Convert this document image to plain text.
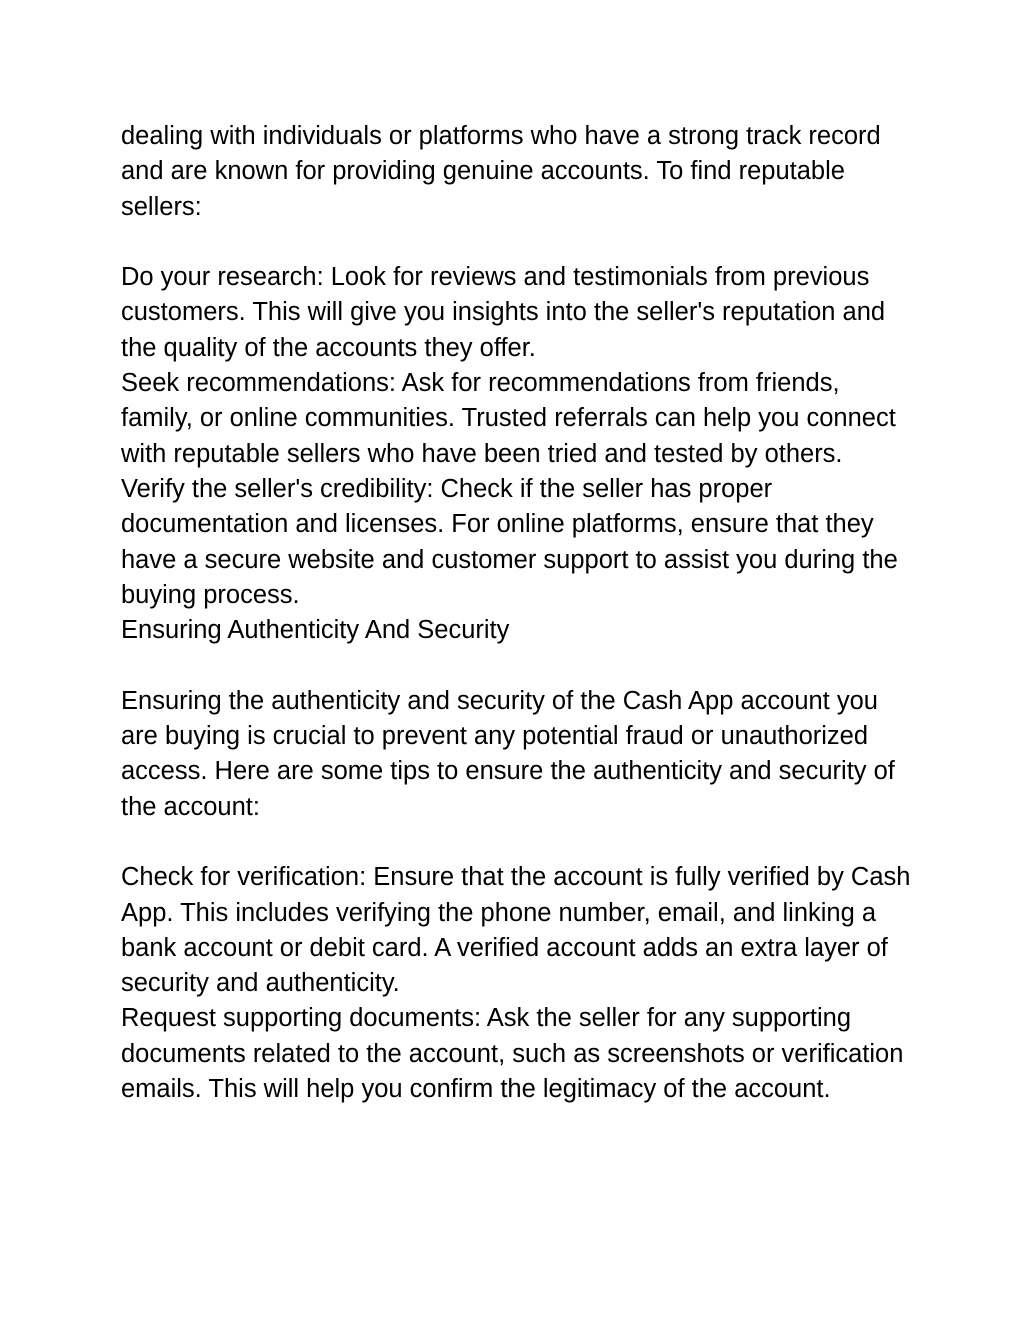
dealing with individuals or platforms who have a strong track record and are known for providing genuine accounts. To find reputable sellers:

Do your research: Look for reviews and testimonials from previous customers. This will give you insights into the seller's reputation and the quality of the accounts they offer.

Seek recommendations: Ask for recommendations from friends, family, or online communities. Trusted referrals can help you connect with reputable sellers who have been tried and tested by others.

Verify the seller's credibility: Check if the seller has proper documentation and licenses. For online platforms, ensure that they have a secure website and customer support to assist you during the buying process.

Ensuring Authenticity And Security

Ensuring the authenticity and security of the Cash App account you are buying is crucial to prevent any potential fraud or unauthorized access. Here are some tips to ensure the authenticity and security of the account:

Check for verification: Ensure that the account is fully verified by Cash App. This includes verifying the phone number, email, and linking a bank account or debit card. A verified account adds an extra layer of security and authenticity.

Request supporting documents: Ask the seller for any supporting documents related to the account, such as screenshots or verification emails. This will help you confirm the legitimacy of the account.
